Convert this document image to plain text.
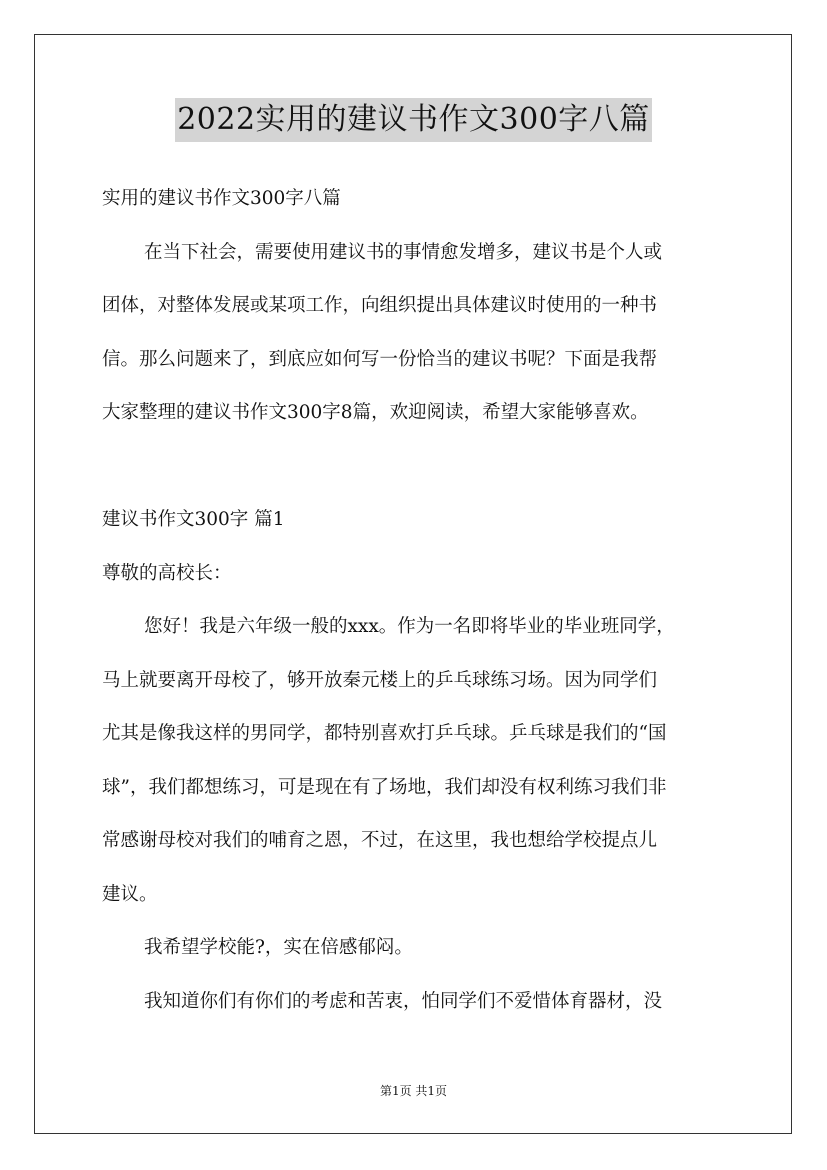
2022实用的建议书作文300字八篇

实用的建议书作文300字八篇

在当下社会，需要使用建议书的事情愈发增多，建议书是个人或

团体，对整体发展或某项工作，向组织提出具体建议时使用的一种书

信。那么问题来了，到底应如何写一份恰当的建议书呢？下面是我帮

大家整理的建议书作文300字8篇，欢迎阅读，希望大家能够喜欢。

建议书作文300字 篇1

尊敬的高校长：

您好！我是六年级一般的xxx。作为一名即将毕业的毕业班同学，

马上就要离开母校了，够开放秦元楼上的乒乓球练习场。因为同学们

尤其是像我这样的男同学，都特别喜欢打乒乓球。乒乓球是我们的“国

球”，我们都想练习，可是现在有了场地，我们却没有权利练习我们非

常感谢母校对我们的哺育之恩，不过，在这里，我也想给学校提点儿

建议。

我希望学校能?，实在倍感郁闷。

我知道你们有你们的考虑和苦衷，怕同学们不爱惜体育器材，没

第1页 共1页
